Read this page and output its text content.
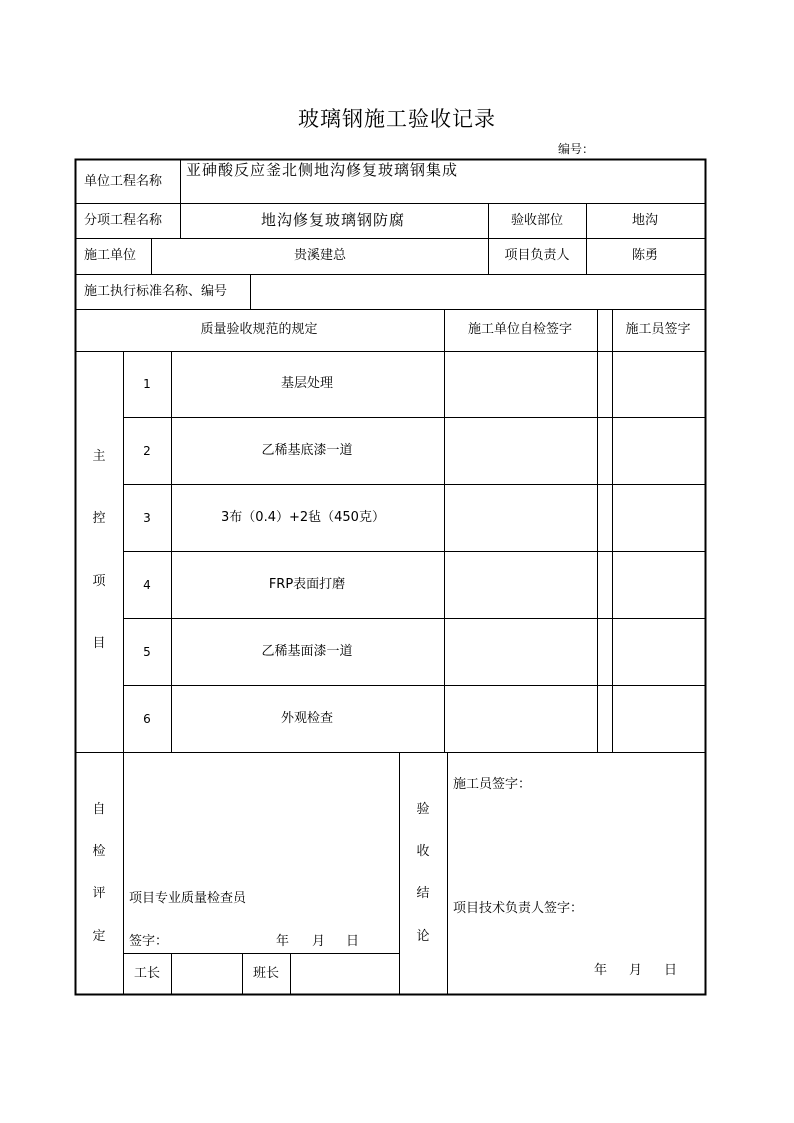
玻璃钢施工验收记录
编号：
单位工程名称
亚砷酸反应釜北侧地沟修复玻璃钢集成
分项工程名称	地沟修复玻璃钢防腐	验收部位	地沟
施工单位	贵溪建总	项目负责人	陈勇
施工执行标准名称、编号
质量验收规范的规定	施工单位自检签字	施工员签字
主
控
项
目
1	基层处理
2	乙稀基底漆一道
3	3布（0.4）+2毡（450克）
4	FRP表面打磨
5	乙稀基面漆一道
6	外观检查
自
检
评
定
项目专业质量检查员
签字：	年 月 日
工长	班长
验
收
结
论
施工员签字：
项目技术负责人签字：
年 月 日
